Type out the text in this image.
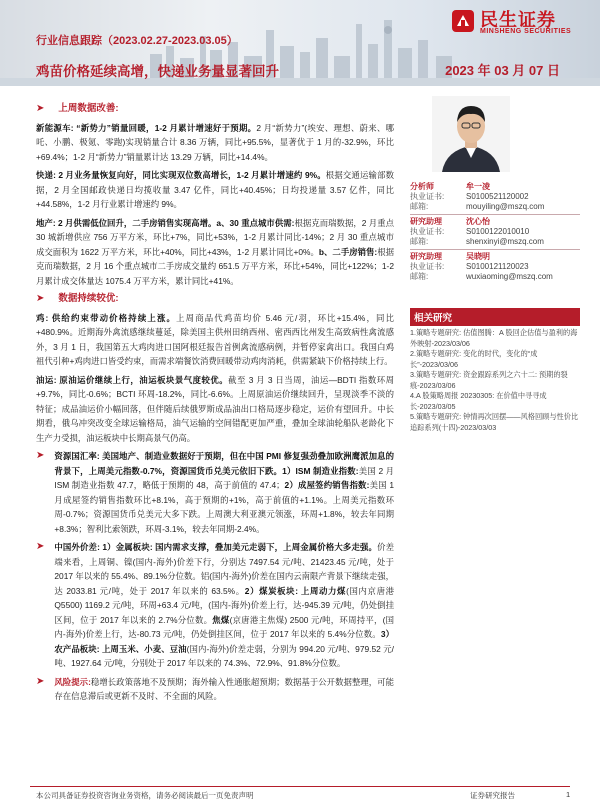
民生证券
MINSHENG SECURITIES
行业信息跟踪（2023.02.27-2023.03.05）
鸡苗价格延续高增，快递业务量显著回升	2023 年 03 月 07 日
➤ 上周数据改善:

新能源车: “新势力”销量回暖，1-2 月累计增速好于预期。2 月“新势力”(埃安、理想、蔚来、哪吒、小鹏、极氪、零跑)实现销量合计 8.36 万辆，同比+95.5%，显著优于 1 月的-32.9%，环比+69.4%；1-2 月“新势力”销量累计达 13.29 万辆，同比+14.4%。

快递: 2 月业务量恢复向好，同比实现双位数高增长，1-2 月累计增速约 9%。根据交通运输部数据，2 月全国邮政快递日均揽收量 3.47 亿件，同比+40.45%；日均投递量 3.57 亿件，同比+44.58%，1-2 月行业累计增速约 9%。

地产: 2 月供需低位回升，二手房销售实现高增。a、30 重点城市供需:根据克而瑞数据，2 月重点 30 城新增供应 756 万平方米，环比+7%，同比+53%，1-2 月累计同比-14%；2 月 30 重点城市成交面积为 1622 万平方米，环比+40%，同比+43%，1-2 月累计同比+0%。b、二手房销售:根据克而瑞数据，2 月 16 个重点城市二手房成交量约 651.5 万平方米，环比+54%，同比+122%；1-2 月累计成交体量达 1075.4 万平方米，累计同比+41%。

➤ 数据持续较优:

鸡: 供给约束带动价格持续上涨。上周商品代鸡苗均价 5.46 元/羽，环比+15.4%，同比+480.9%。近期海外禽流感继续蔓延，除美国主供州田纳西州、密西西比州发生高致病性禽流感外，3 月 1 日，我国第五大鸡肉进口国阿根廷报告首例禽流感病例，并暂停家禽出口。我国白鸡祖代引种+鸡肉进口皆受约束，而需求端餐饮消费回暖带动鸡肉消耗，供需紧缺下价格持续上行。

油运: 原油运价继续上行，油运板块景气度较优。截至 3 月 3 日当周，油运—BDTI 指数环周+9.7%，同比-0.6%；BCTI 环周-18.2%，同比-6.6%。上周原油运价继续回升，呈现淡季不淡的特征；成品油运价小幅回落，但伴随后续俄罗斯成品油出口格局逐步稳定，运价有望回升。中长期看，俄乌冲突改变全球运输格局，油气运输的空间错配更加严重，叠加全球油轮船队老龄化下生产力受损，油运板块中长期高景气仍高。

➤ 资源国汇率: 美国地产、制造业数据好于预期，但在中国 PMI 修复强劲叠加欧洲鹰派加息的背景下，上周美元指数-0.7%，资源国货币兑美元依旧下跌。1）ISM 制造业指数:美国 2 月 ISM 制造业指数 47.7，略低于预期的 48，高于前值的 47.4；2）成屋签约销售指数:美国 1 月成屋签约销售指数环比+8.1%，高于预期的+1%，高于前值的+1.1%。上周美元指数环周-0.7%；资源国货币兑美元大多下跌。上周澳大利亚澳元领涨，环周+1.8%，较去年同期+8.3%；智利比索领跌，环周-3.1%，较去年同期-2.4%。
➤ 中国外价差: 1）金属板块: 国内需求支撑，叠加美元走弱下，上周金属价格大多走强。价差端来看，上周铜、镍(国内-海外)价差下行，分别达 7497.54 元/吨、21423.45 元/吨，处于 2017 年以来的 55.4%、89.1%分位数。铝(国内-海外)价差在国内云南限产背景下继续走强，达 2033.81 元/吨，处于 2017 年以来的 63.5%。2）煤炭板块: 上周动力煤(国内京唐港 Q5500) 1169.2 元/吨，环周+63.4 元/吨，(国内-海外)价差上行，达-945.39 元/吨，仍处倒挂区间，位于 2017 年以来的 2.7%分位数。焦煤(京唐港主焦煤) 2500 元/吨，环周持平，(国内-海外)价差上行，达-80.73 元/吨，仍处倒挂区间，位于 2017 年以来的 5.4%分位数。3）农产品板块: 上周玉米、小麦、豆油(国内-海外)价差走弱，分别为 994.20 元/吨、979.52 元/吨、1927.64 元/吨，分别处于 2017 年以来的 74.3%、72.9%、91.8%分位数。
➤ 风险提示:稳增长政策落地不及预期；海外输入性通胀超预期；数据基于公开数据整理，可能存在信息滞后或更新不及时、不全面的风险。
分析师	牟一凌
执业证书:	S0100521120002
邮箱:	mouyiling@mszq.com
研究助理	沈心怡
执业证书:	S0100122010010
邮箱:	shenxinyi@mszq.com
研究助理	吴晓明
执业证书:	S0100121120023
邮箱:	wuxiaoming@mszq.com
相关研究
1.策略专题研究: 估值图腾：A 股回企估值与盈利的海外映射-2023/03/06
2.策略专题研究: 变化的时代，变化的“成长”-2023/03/06
3.策略专题研究: 资金跟踪系列之六十二: 预期的裂痕-2023/03/06
4.A 股策略周报 20230305: 在价值中寻寻成长-2023/03/05
5.策略专题研究: 钟情再次回摆——风格回顾与性价比追踪系列(十四)-2023/03/03
本公司具备证券投资咨询业务资格，请务必阅读最后一页免责声明	证券研究报告	1
